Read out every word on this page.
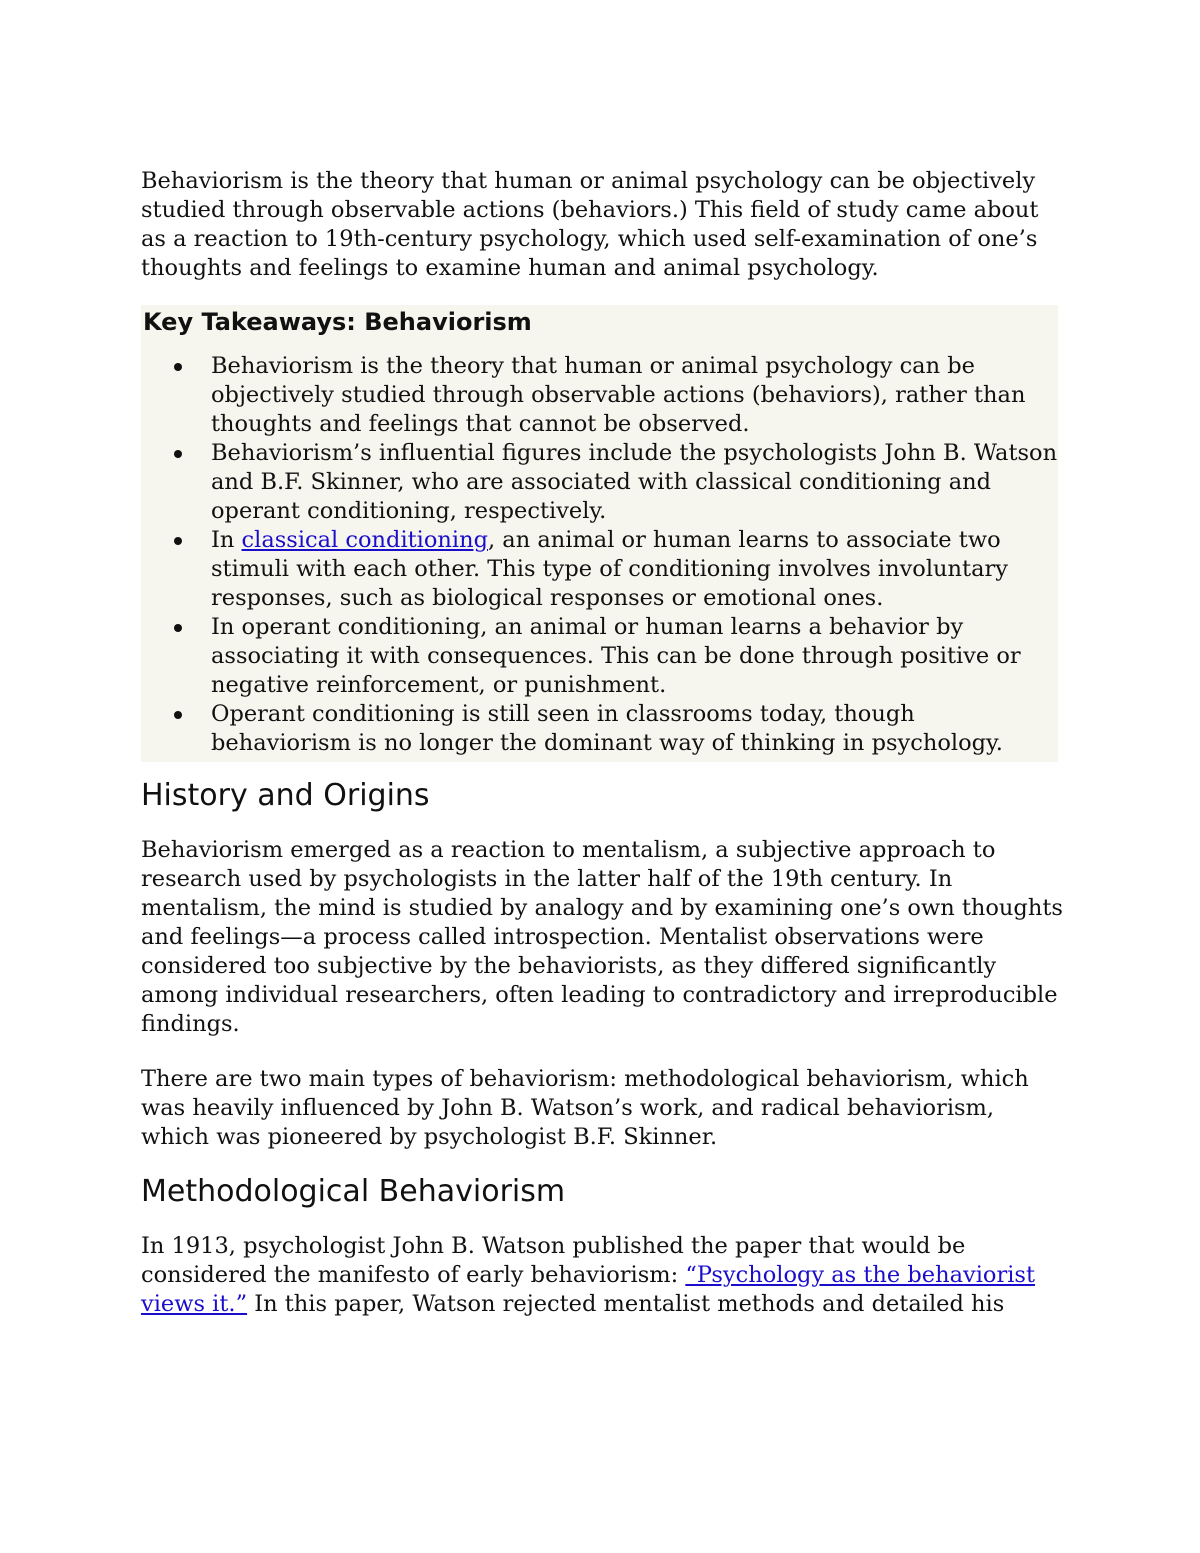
Behaviorism is the theory that human or animal psychology can be objectively studied through observable actions (behaviors.) This field of study came about as a reaction to 19th-century psychology, which used self-examination of one’s thoughts and feelings to examine human and animal psychology.

Key Takeaways: Behaviorism
Behaviorism is the theory that human or animal psychology can be objectively studied through observable actions (behaviors), rather than thoughts and feelings that cannot be observed.
Behaviorism’s influential figures include the psychologists John B. Watson and B.F. Skinner, who are associated with classical conditioning and operant conditioning, respectively.
In classical conditioning, an animal or human learns to associate two stimuli with each other. This type of conditioning involves involuntary responses, such as biological responses or emotional ones.
In operant conditioning, an animal or human learns a behavior by associating it with consequences. This can be done through positive or negative reinforcement, or punishment.
Operant conditioning is still seen in classrooms today, though behaviorism is no longer the dominant way of thinking in psychology.
History and Origins

Behaviorism emerged as a reaction to mentalism, a subjective approach to research used by psychologists in the latter half of the 19th century. In mentalism, the mind is studied by analogy and by examining one’s own thoughts and feelings—a process called introspection. Mentalist observations were considered too subjective by the behaviorists, as they differed significantly among individual researchers, often leading to contradictory and irreproducible findings.

There are two main types of behaviorism: methodological behaviorism, which was heavily influenced by John B. Watson’s work, and radical behaviorism, which was pioneered by psychologist B.F. Skinner.

Methodological Behaviorism

In 1913, psychologist John B. Watson published the paper that would be considered the manifesto of early behaviorism: “Psychology as the behaviorist views it.” In this paper, Watson rejected mentalist methods and detailed his
